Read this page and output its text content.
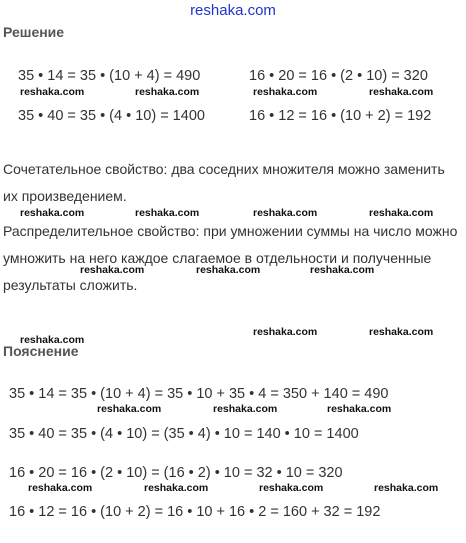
reshaka.com
Решение
35 • 14 = 35 • (10 + 4) = 490	16 • 20 = 16 • (2 • 10) = 320
35 • 40 = 35 • (4 • 10) = 1400	16 • 12 = 16 • (10 + 2) = 192
Сочетательное свойство: два соседних множителя можно заменить их произведением.
Распределительное свойство: при умножении суммы на число можно умножить на него каждое слагаемое в отдельности и полученные результаты сложить.
Пояснение
35 • 14 = 35 • (10 + 4) = 35 • 10 + 35 • 4 = 350 + 140 = 490
35 • 40 = 35 • (4 • 10) = (35 • 4) • 10 = 140 • 10 = 1400
16 • 20 = 16 • (2 • 10) = (16 • 2) • 10 = 32 • 10 = 320
16 • 12 = 16 • (10 + 2) = 16 • 10 + 16 • 2 = 160 + 32 = 192
reshaka.com	reshaka.com	reshaka.com	reshaka.com
reshaka.com	reshaka.com	reshaka.com	reshaka.com
reshaka.com	reshaka.com	reshaka.com
reshaka.com
reshaka.com	reshaka.com
reshaka.com	reshaka.com	reshaka.com
reshaka.com	reshaka.com	reshaka.com	reshaka.com
